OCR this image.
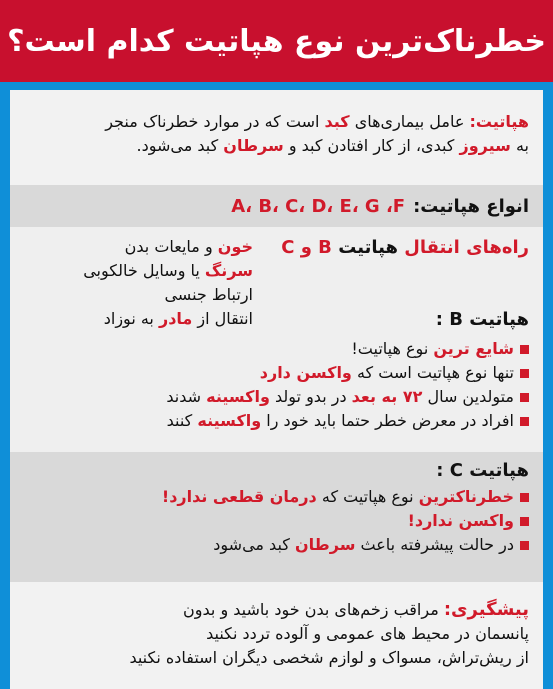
خطرناک‌ترین نوع هپاتیت کدام است؟
هپاتیت: عامل بیماری‌های کبد است که در موارد خطرناک منجر
به سیروز کبدی، از کار افتادن کبد و سرطان کبد می‌شود.
انواع هپاتیت:
A، B، C، D، E، G ،F
راه‌های انتقال هپاتیت B و C
خون و مایعات بدن
سرنگ یا وسایل خالکوبی
ارتباط جنسی
انتقال از مادر به نوزاد	هپاتیت B :
شایع ترین نوع هپاتیت!
تنها نوع هپاتیت است که واکسن دارد
متولدین سال ۷۲ به بعد در بدو تولد واکسینه شدند
افراد در معرض خطر حتما باید خود را واکسینه کنند
هپاتیت C :
خطرناکترین نوع هپاتیت که درمان قطعی ندارد!
واکسن ندارد!
در حالت پیشرفته باعث سرطان کبد می‌شود
پیشگیری: مراقب زخم‌های بدن خود باشید و بدون
پانسمان در محیط های عمومی و آلوده تردد نکنید
از ریش‌تراش، مسواک و لوازم شخصی دیگران استفاده نکنید
